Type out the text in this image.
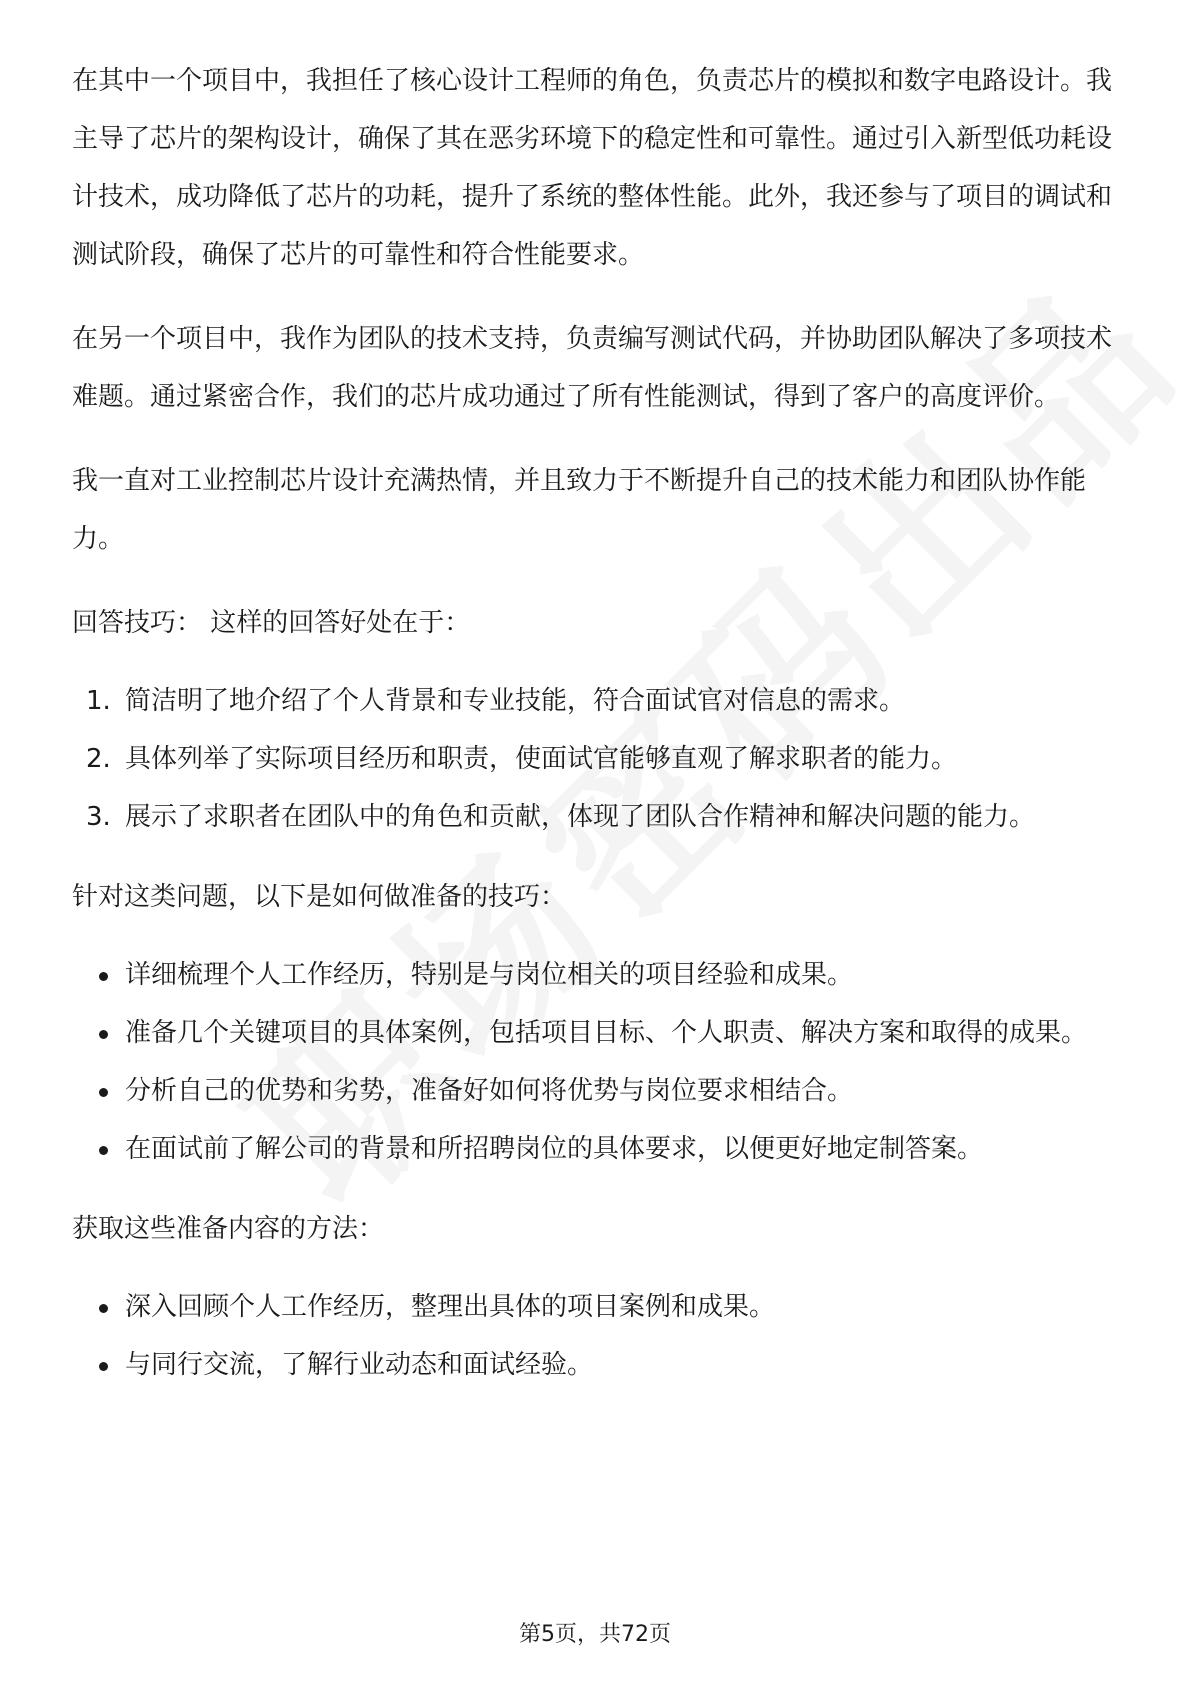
在其中一个项目中，我担任了核心设计工程师的角色，负责芯片的模拟和数字电路设计。我主导了芯片的架构设计，确保了其在恶劣环境下的稳定性和可靠性。通过引入新型低功耗设计技术，成功降低了芯片的功耗，提升了系统的整体性能。此外，我还参与了项目的调试和测试阶段，确保了芯片的可靠性和符合性能要求。

在另一个项目中，我作为团队的技术支持，负责编写测试代码，并协助团队解决了多项技术难题。通过紧密合作，我们的芯片成功通过了所有性能测试，得到了客户的高度评价。

我一直对工业控制芯片设计充满热情，并且致力于不断提升自己的技术能力和团队协作能力。

回答技巧： 这样的回答好处在于：

1. 简洁明了地介绍了个人背景和专业技能，符合面试官对信息的需求。
2. 具体列举了实际项目经历和职责，使面试官能够直观了解求职者的能力。
3. 展示了求职者在团队中的角色和贡献，体现了团队合作精神和解决问题的能力。

针对这类问题，以下是如何做准备的技巧：

详细梳理个人工作经历，特别是与岗位相关的项目经验和成果。
准备几个关键项目的具体案例，包括项目目标、个人职责、解决方案和取得的成果。
分析自己的优势和劣势，准备好如何将优势与岗位要求相结合。
在面试前了解公司的背景和所招聘岗位的具体要求，以便更好地定制答案。

获取这些准备内容的方法：

深入回顾个人工作经历，整理出具体的项目案例和成果。
与同行交流，了解行业动态和面试经验。
第5页，共72页
